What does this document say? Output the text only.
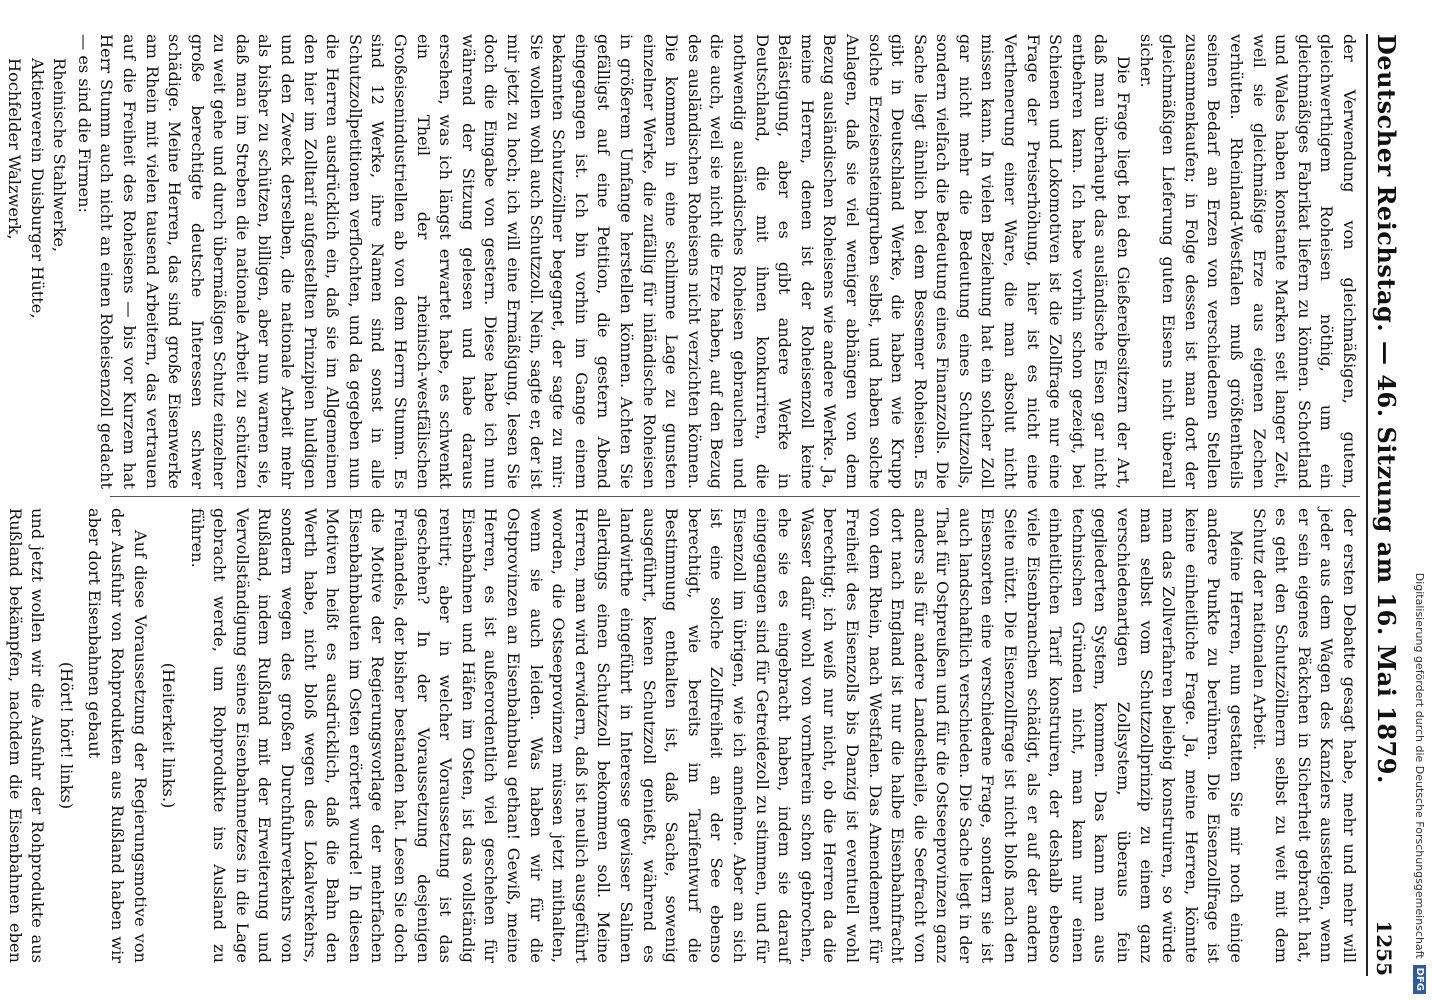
Deutscher Reichstag. — 46. Sitzung am 16. Mai 1879.
1255

der Verwendung von gleichmäßigen, gutem, gleichwerthigem Roheisen nöthig, um ein gleichmäßiges Fabrikat liefern zu können. Schottland und Wales haben konstante Marken seit langer Zeit, weil sie gleichmäßige Erze aus eigenen Zechen verhütten. Rheinland-Westfalen muß größtentheils seinen Bedarf an Erzen von verschiedenen Stellen zusammenkaufen; in Folge dessen ist man dort der gleichmäßigen Lieferung guten Eisens nicht überall sicher.

Die Frage liegt bei den Gießereibesitzern der Art, daß man überhaupt das ausländische Eisen gar nicht entbehren kann. Ich habe vorhin schon gezeigt, bei Schienen und Lokomotiven ist die Zollfrage nur eine Frage der Preiserhöhung, hier ist es nicht eine Verthenerung einer Ware, die man absolut nicht missen kann. In vielen Beziehung hat ein solcher Zoll gar nicht mehr die Bedeutung eines Schutzzolls, sondern vielfach die Bedeutung eines Finanzzolls. Die Sache liegt ähnlich bei dem Bessemer Roheisen. Es gibt in Deutschland Werke, die haben wie Krupp solche Erzeisensteingruben selbst, und haben solche Anlagen, daß sie viel weniger abhängen von dem Bezug ausländischen Roheisens wie andere Werke. Ja, meine Herren, denen ist der Roheisenzoll keine Belästigung, aber es gibt andere Werke in Deutschland, die mit ihnen konkurriren, die nothwendig ausländisches Roheisen gebrauchen und die auch, weil sie nicht die Erze haben, auf den Bezug des ausländischen Roheisens nicht verzichten können. Die kommen in eine schlimme Lage zu gunsten einzelner Werke, die zufällig für inländische Roheisen in größerem Umfange herstellen können. Achten Sie gefälligst auf eine Petition, die gestern Abend eingegangen ist. Ich bin vorhin im Gange einem bekannten Schutzzöllner begegnet, der sagte zu mir: Sie wollen wohl auch Schutzzoll. Nein, sagte er, der ist mir jetzt zu hoch; ich will eine Ermäßigung, lesen Sie doch die Eingabe von gestern. Diese habe ich nun während der Sitzung gelesen und habe daraus ersehen, was ich längst erwartet habe, es schwenkt ein Theil der rheinisch-westfälischen Großeisenindustriellen ab von dem Herrn Stumm. Es sind 12 Werke, ihre Namen sind sonst in alle Schutzzollpetitionen verflochten, und da gegeben nun die Herren ausdrücklich ein, daß sie im Allgemeinen den hier im Zolltarif aufgestellten Prinzipien huldigen und den Zweck derselben, die nationale Arbeit mehr als bisher zu schützen, billigen, aber nun warnen sie, daß man im Streben die nationale Arbeit zu schützen zu weit gehe und durch übermäßigen Schutz einzelner große berechtigte deutsche Interessen schwer schädige. Meine Herren, das sind große Eisenwerke am Rhein mit vielen tausend Arbeitern, das vertrauen auf die Freiheit des Roheisens — bis vor Kurzem hat Herr Stumm auch nicht an einen Roheisenzoll gedacht — es sind die Firmen:

Rheinische Stahlwerke,
Aktienverein Duisburger Hütte,
Hochfelder Walzwerk,

der ersten Debatte gesagt habe, mehr und mehr will jeder aus dem Wagen des Kanzlers aussteigen, wenn er sein eigenes Päckchen in Sicherheit gebracht hat, es geht den Schutzzöllnern selbst zu weit mit dem Schutz der nationalen Arbeit.

Meine Herren, nun gestatten Sie mir noch einige andere Punkte zu berühren. Die Eisenzollfrage ist keine einheitliche Frage. Ja, meine Herren, könnte man das Zollverfahren beliebig konstruiren, so würde man selbst vom Schutzzollprinzip zu einem ganz verschiedenartigen Zollsystem, überaus fein gegliederten System, kommen. Das kann man aus technischen Gründen nicht, man kann nur einen einheitlichen Tarif konstruiren, der deshalb ebenso viele Eisenbranchen schädigt, als er auf der andern Seite nützt. Die Eisenzollfrage ist nicht bloß nach den Eisensorten eine verschiedene Frage, sondern sie ist auch landschaftlich verschieden. Die Sache liegt in der That für Ostpreußen und für die Ostseeprovinzen ganz anders als für andere Landestheile, die Seefracht von dort nach England ist nur die halbe Eisenbahnfracht von dem Rhein, nach Westfalen. Das Amendement für Freiheit des Eisenzolls bis Danzig ist eventuell wohl berechtigt; ich weiß nur nicht, ob die Herren da die Wasser dafür wohl von vornherein schon gebrochen, ehe sie es eingebracht haben, indem sie darauf eingegangen sind für Getreidezoll zu stimmen, und für Eisenzoll im übrigen, wie ich annehme. Aber an sich ist eine solche Zollfreiheit an der See ebenso berechtigt, wie bereits im Tarifentwurf die Bestimmung enthalten ist, daß Sache, sowenig ausgeführt, kenen Schutzzoll genießt, während es landwirthe eingeführt in Interesse gewisser Salinen allerdings einen Schutzzoll bekommen soll. Meine Herren, man wird erwidern, daß ist neulich ausgeführt worden, die Ostseeprovinzen müssen jetzt mithalten, wenn sie auch leiden. Was haben wir für die Ostprovinzen an Eisenbahnbau gethan! Gewiß, meine Herren, es ist außerordentlich viel geschehen für Eisenbahnen und Häfen im Osten, ist das vollständig rentirt; aber in welcher Voraussetzung ist das geschehen? In der Voraussetzung desjenigen Freihandels, der bisher bestanden hat. Lesen Sie doch die Motive der Regierungsvorlage der mehrfachen Eisenbahnbauten im Osten erörtert wurde! In diesen Motiven heißt es ausdrücklich, daß die Bahn den Werth habe, nicht bloß wegen des Lokalverkehrs, sondern wegen des großen Durchfuhrverkehrs von Rußland, indem Rußland mit der Erweiterung und Vervollständigung seines Eisenbahnnetzes in die Lage gebracht werde, um Rohprodukte ins Ausland zu führen.

(Heiterkeit links.)

Auf diese Voraussetzung der Regierungsmotive von der Ausfuhr von Rohprodukten aus Rußland haben wir aber dort Eisenbahnen gebaut

(Hört! hört! links)

und jetzt wollen wir die Ausfuhr der Rohprodukte aus Rußland bekämpfen, nachdem die Eisenbahnen eben	Digitalisierung gefördert durch die Deutsche Forschungsgemeinschaft
DFG
